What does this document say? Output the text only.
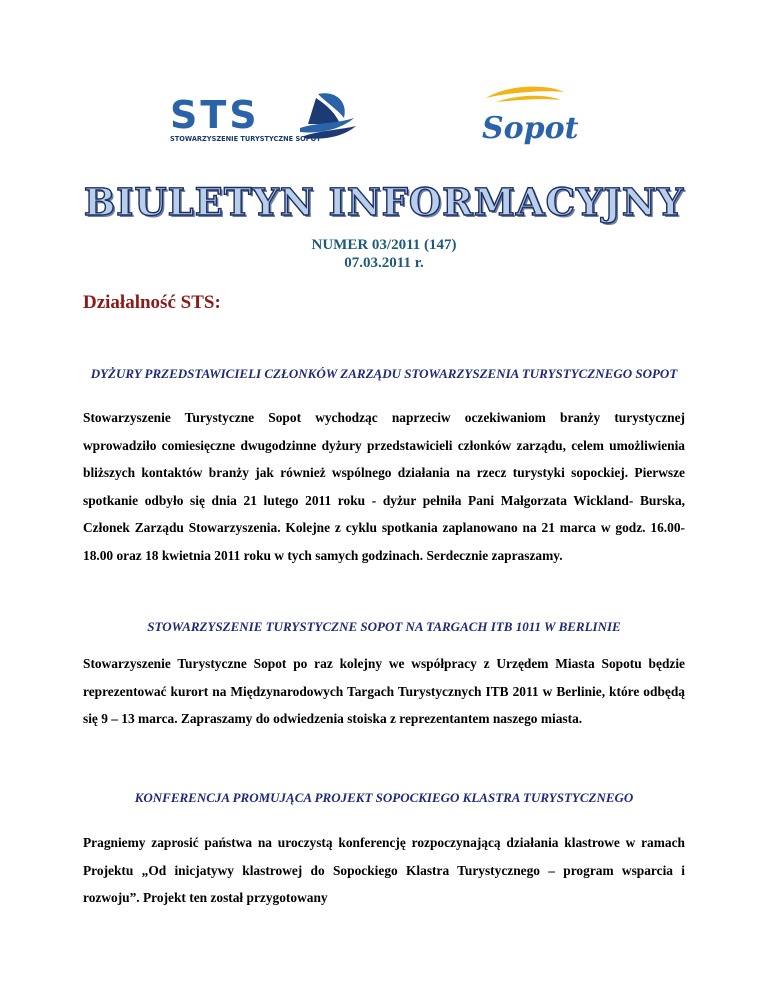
STS
STOWARZYSZENIE TURYSTYCZNE SOPOT	Sopot
BIULETYN INFORMACYJNY
NUMER 03/2011 (147)
07.03.2011 r.
Działalność STS:
DYŻURY PRZEDSTAWICIELI CZŁONKÓW ZARZĄDU STOWARZYSZENIA TURYSTYCZNEGO SOPOT

Stowarzyszenie Turystyczne Sopot wychodząc naprzeciw oczekiwaniom branży turystycznej wprowadziło comiesięczne dwugodzinne dyżury przedstawicieli członków zarządu, celem umożliwienia bliższych kontaktów branży jak również wspólnego działania na rzecz turystyki sopockiej. Pierwsze spotkanie odbyło się dnia 21 lutego 2011 roku - dyżur pełniła Pani Małgorzata Wickland- Burska, Członek Zarządu Stowarzyszenia. Kolejne z cyklu spotkania zaplanowano na 21 marca w godz. 16.00-18.00 oraz 18 kwietnia 2011 roku w tych samych godzinach. Serdecznie zapraszamy.

STOWARZYSZENIE TURYSTYCZNE SOPOT NA TARGACH ITB 1011 W BERLINIE

Stowarzyszenie Turystyczne Sopot po raz kolejny we współpracy z Urzędem Miasta Sopotu będzie reprezentować kurort na Międzynarodowych Targach Turystycznych ITB 2011 w Berlinie, które odbędą się 9 – 13 marca. Zapraszamy do odwiedzenia stoiska z reprezentantem naszego miasta.

KONFERENCJA PROMUJĄCA PROJEKT SOPOCKIEGO KLASTRA TURYSTYCZNEGO

Pragniemy zaprosić państwa na uroczystą konferencję rozpoczynającą działania klastrowe w ramach Projektu „Od inicjatywy klastrowej do Sopockiego Klastra Turystycznego – program wsparcia i rozwoju”. Projekt ten został przygotowany
